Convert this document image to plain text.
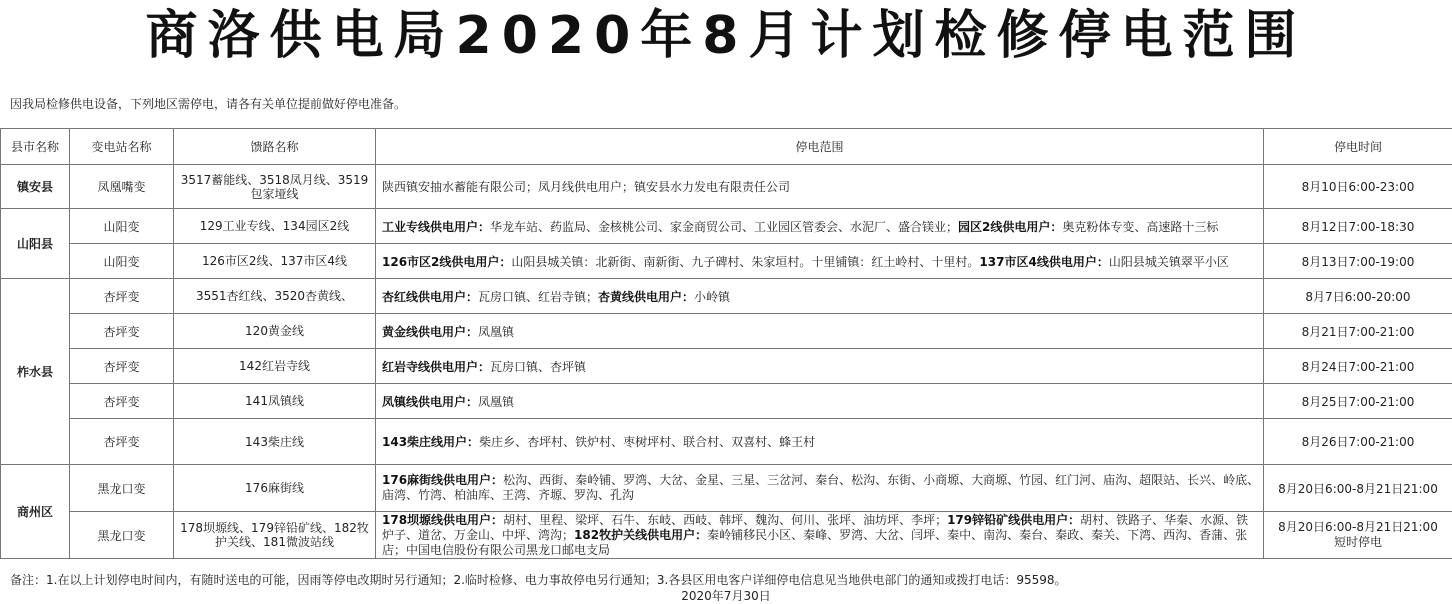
商洛供电局2020年8月计划检修停电范围
因我局检修供电设备，下列地区需停电，请各有关单位提前做好停电准备。
县市名称	变电站名称	馈路名称	停电范围	停电时间
镇安县	凤凰嘴变	3517蓄能线、3518凤月线、3519包家垭线	陕西镇安抽水蓄能有限公司；凤月线供电用户；镇安县水力发电有限责任公司	8月10日6:00-23:00
山阳县	山阳变	129工业专线、134园区2线	工业专线供电用户：华龙车站、药监局、金核桃公司、家金商贸公司、工业园区管委会、水泥厂、盛合镁业；园区2线供电用户：奥克粉体专变、高速路十三标	8月12日7:00-18:30
	山阳变	126市区2线、137市区4线	126市区2线供电用户：山阳县城关镇：北新街、南新街、九子碑村、朱家垣村。十里铺镇：红土岭村、十里村。137市区4线供电用户：山阳县城关镇翠平小区	8月13日7:00-19:00
柞水县	杏坪变	3551杏红线、3520杏黄线、	杏红线供电用户：瓦房口镇、红岩寺镇；杏黄线供电用户：小岭镇	8月7日6:00-20:00
	杏坪变	120黄金线	黄金线供电用户：凤凰镇	8月21日7:00-21:00
	杏坪变	142红岩寺线	红岩寺线供电用户：瓦房口镇、杏坪镇	8月24日7:00-21:00
	杏坪变	141凤镇线	凤镇线供电用户：凤凰镇	8月25日7:00-21:00
	杏坪变	143柴庄线	143柴庄线用户：柴庄乡、杏坪村、铁炉村、枣树坪村、联合村、双喜村、蜂王村	8月26日7:00-21:00
商州区	黑龙口变	176麻街线	176麻街线供电用户：松沟、西街、秦岭铺、罗湾、大岔、金星、三星、三岔河、秦台、松沟、东街、小商塬、大商塬、竹园、红门河、庙沟、超限站、长兴、岭底、庙湾、竹湾、柏油库、王湾、齐塬、罗沟、孔沟	8月20日6:00-8月21日21:00
	黑龙口变	178坝塬线、179锌铅矿线、182牧护关线、181微波站线	178坝塬线供电用户：胡村、里程、梁坪、石牛、东岐、西岐、韩坪、魏沟、何川、张坪、油坊坪、李坪；179锌铅矿线供电用户：胡村、铁路子、华秦、水源、铁炉子、道岔、万金山、中坪、湾沟；182牧护关线供电用户：秦岭铺移民小区、秦峰、罗湾、大岔、闫坪、秦中、南沟、秦台、秦政、秦关、下湾、西沟、香蒲、张店；中国电信股份有限公司黑龙口邮电支局	8月20日6:00-8月21日21:00
短时停电
备注：1.在以上计划停电时间内，有随时送电的可能，因雨等停电改期时另行通知；2.临时检修、电力事故停电另行通知；3.各县区用电客户详细停电信息见当地供电部门的通知或拨打电话：95598。
2020年7月30日
